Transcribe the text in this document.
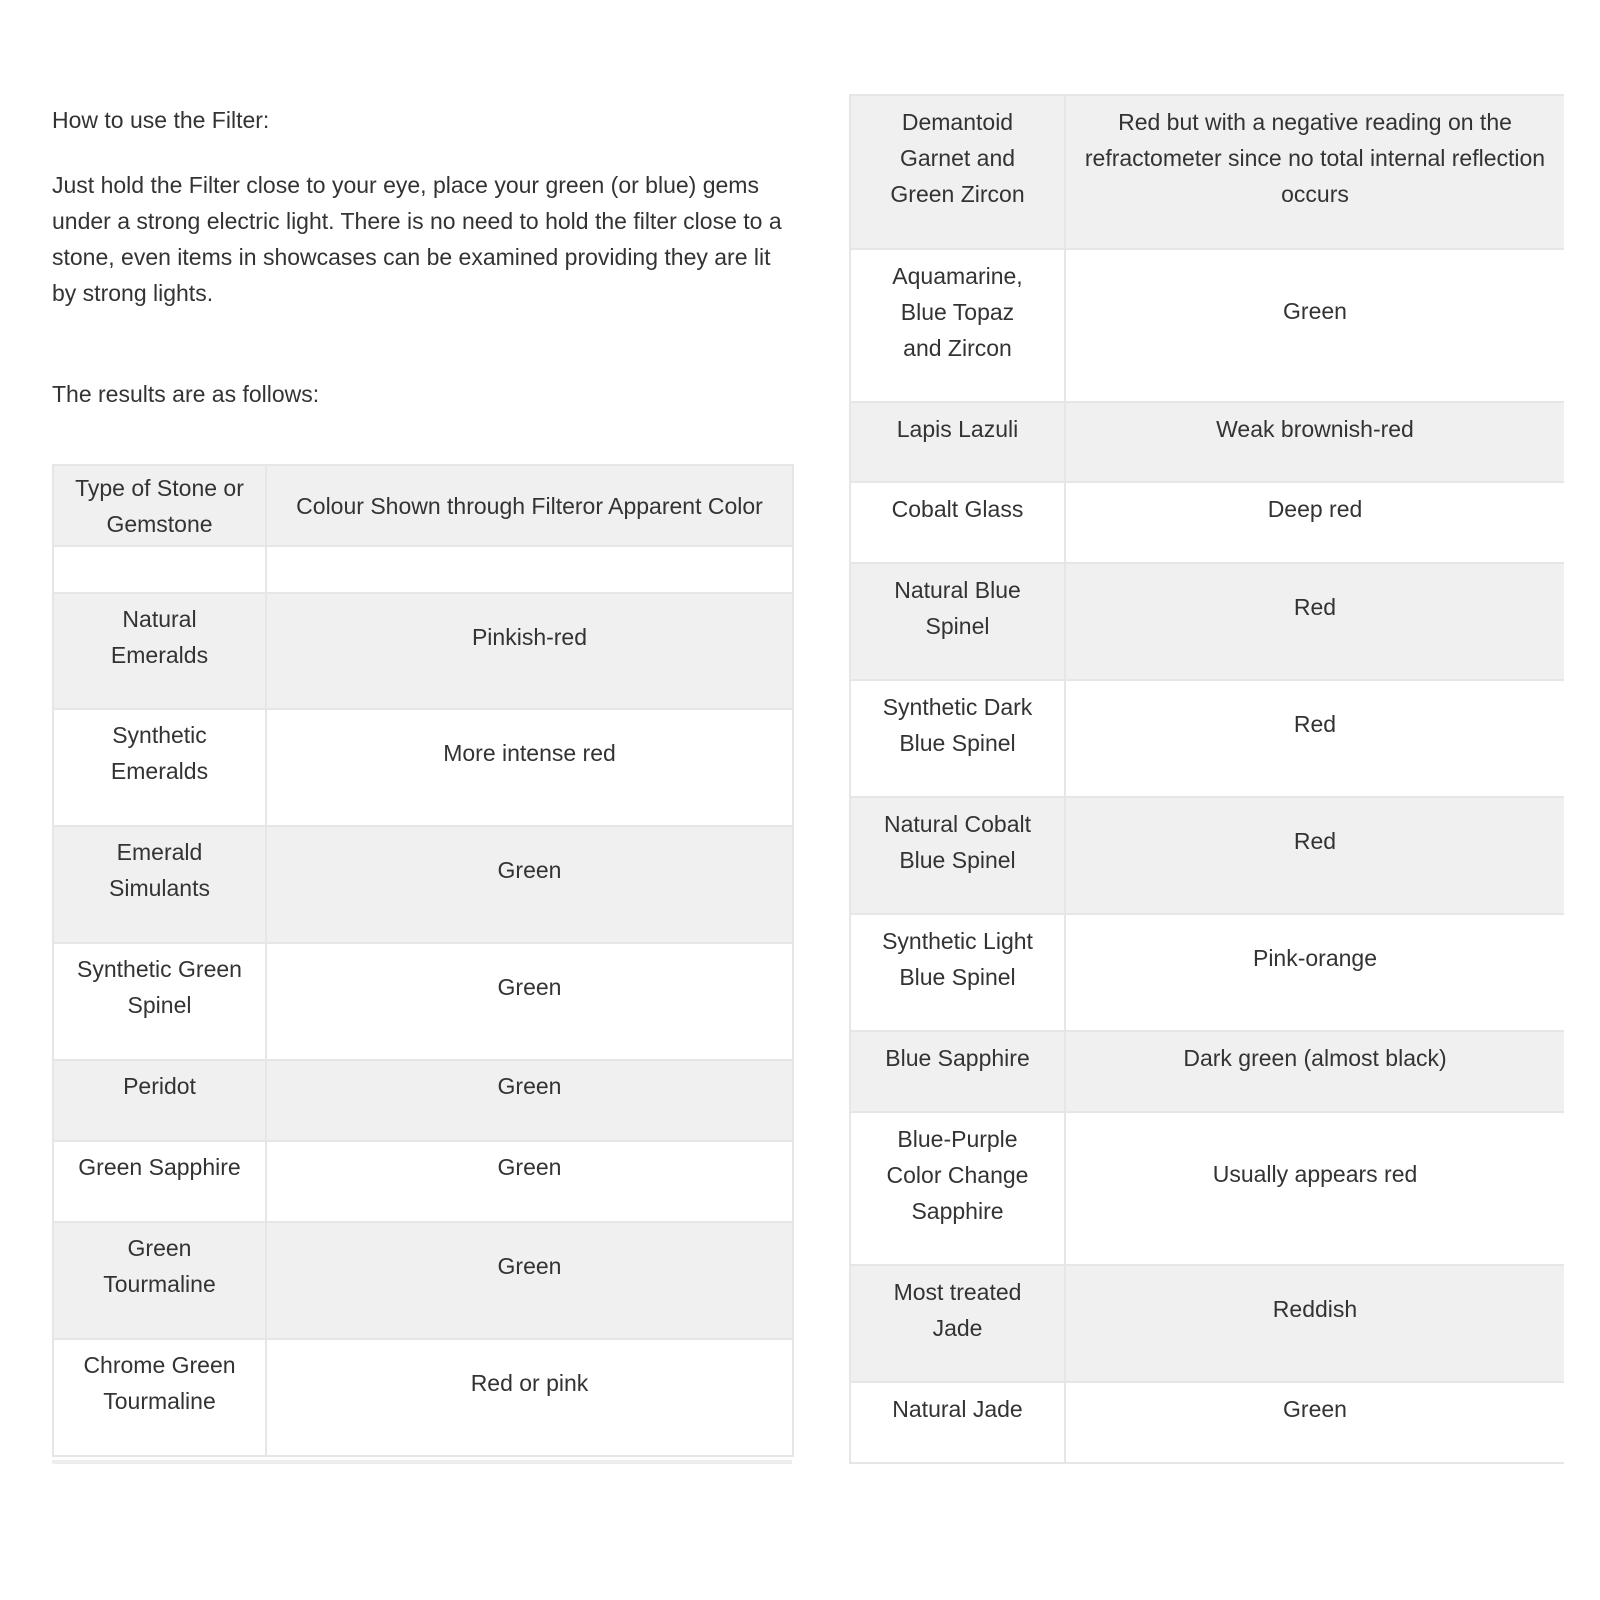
How to use the Filter:

Just hold the Filter close to your eye, place your green (or blue) gems under a strong electric light. There is no need to hold the filter close to a stone, even items in showcases can be examined providing they are lit by strong lights.

The results are as follows:

Type of Stone or Gemstone	Colour Shown through Filteror Apparent Color

Natural Emeralds	Pinkish-red
Synthetic Emeralds	More intense red
Emerald Simulants	Green
Synthetic Green Spinel	Green
Peridot	Green
Green Sapphire	Green
Green Tourmaline	Green
Chrome Green Tourmaline	Red or pink
Demantoid Garnet and Green Zircon	Red but with a negative reading on the refractometer since no total internal reflection occurs
Aquamarine, Blue Topaz and Zircon	Green
Lapis Lazuli	Weak brownish-red
Cobalt Glass	Deep red
Natural Blue Spinel	Red
Synthetic Dark Blue Spinel	Red
Natural Cobalt Blue Spinel	Red
Synthetic Light Blue Spinel	Pink-orange
Blue Sapphire	Dark green (almost black)
Blue-Purple Color Change Sapphire	Usually appears red
Most treated Jade	Reddish
Natural Jade	Green
